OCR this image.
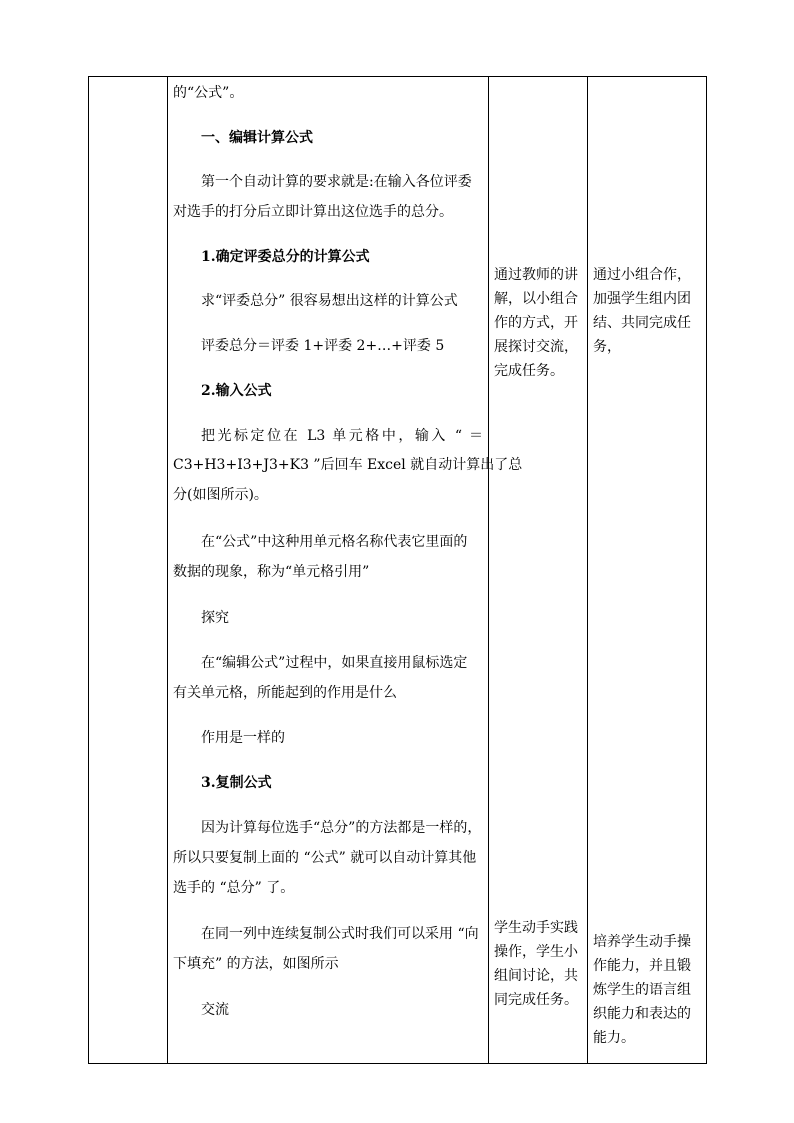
的“公式”。
一、编辑计算公式
第一个自动计算的要求就是:在输入各位评委
对选手的打分后立即计算出这位选手的总分。
1.确定评委总分的计算公式
求“评委总分” 很容易想出这样的计算公式
评委总分＝评委 1+评委 2+…+评委 5
2.输入公式
把光标定位在 L3 单元格中，输入 “ ＝
C3+H3+I3+J3+K3 ”后回车 Excel 就自动计算出了总
分(如图所示)。
在“公式”中这种用单元格名称代表它里面的
数据的现象，称为“单元格引用”
探究
在“编辑公式”过程中，如果直接用鼠标选定
有关单元格，所能起到的作用是什么
作用是一样的
3.复制公式
因为计算每位选手“总分”的方法都是一样的，
所以只要复制上面的 “公式” 就可以自动计算其他
选手的 “总分” 了。
在同一列中连续复制公式时我们可以采用 “向
下填充” 的方法，如图所示
交流
通过教师的讲
解，以小组合
作的方式，开
展探讨交流，
完成任务。
学生动手实践
操作，学生小
组间讨论，共
同完成任务。
通过小组合作，
加强学生组内团
结、共同完成任
务，
培养学生动手操
作能力，并且锻
炼学生的语言组
织能力和表达的
能力。
